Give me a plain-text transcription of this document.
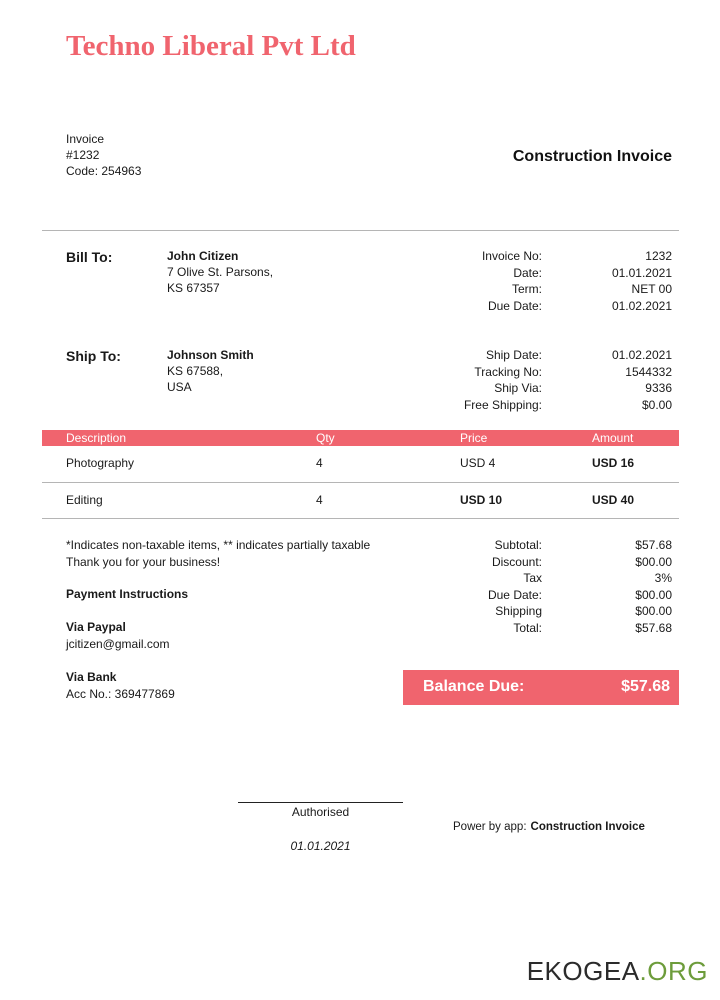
Techno Liberal Pvt Ltd
Invoice
#1232
Code: 254963
Construction Invoice
Bill To:	John Citizen
7 Olive St. Parsons,
KS 67357
Invoice No:	1232
Date:	01.01.2021
Term:	NET 00
Due Date:	01.02.2021
Ship To:	Johnson Smith
KS 67588,
USA
Ship Date:	01.02.2021
Tracking No:	1544332
Ship Via:	9336
Free Shipping:	$0.00
Description	Qty	Price	Amount
Photography	4	USD 4	USD 16
Editing	4	USD 10	USD 40
*Indicates non-taxable items, ** indicates partially taxable
Thank you for your business!
Payment Instructions
Via Paypal
jcitizen@gmail.com
Via Bank
Acc No.: 369477869
Subtotal:	$57.68
Discount:	$00.00
Tax	3%
Due Date:	$00.00
Shipping	$00.00
Total:	$57.68
Balance Due:	$57.68
Authorised
01.01.2021
Power by app: Construction Invoice
EKOGEA.ORG
